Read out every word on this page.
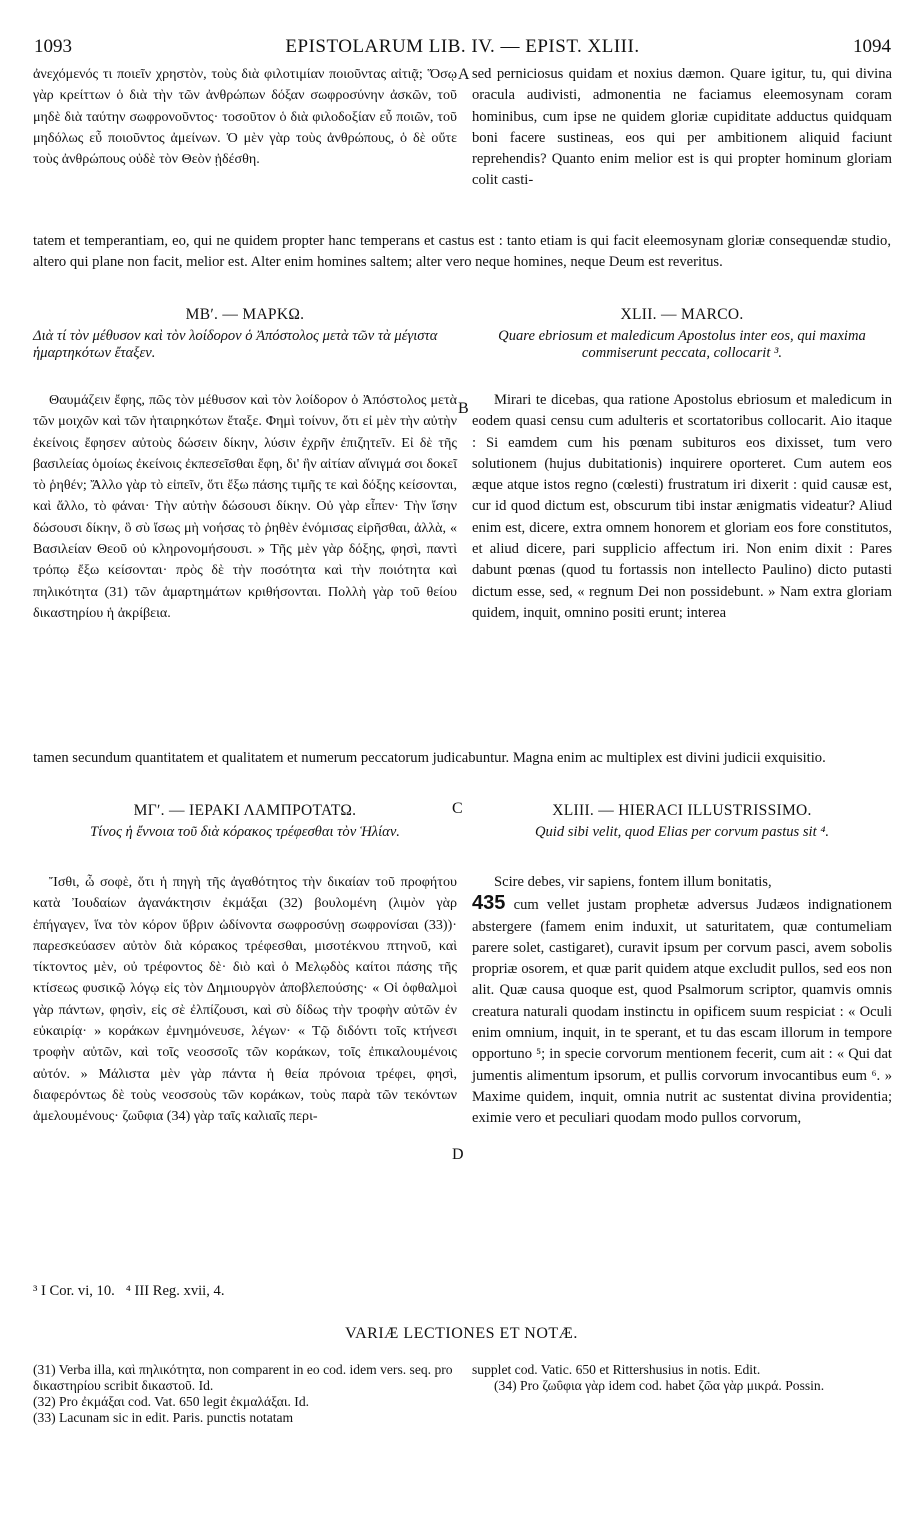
1093	EPISTOLARUM LIB. IV. — EPIST. XLIII.	1094

ἀνεχόμενός τι ποιεῖν χρηστὸν, τοὺς διὰ φιλοτιμίαν ποιοῦντας αἰτιᾷ; Ὅσῳ γὰρ κρείττων ὁ διὰ τὴν τῶν ἀνθρώπων δόξαν σωφροσύνην ἀσκῶν, τοῦ μηδὲ διὰ ταύτην σωφρονοῦντος· τοσοῦτον ὁ διὰ φιλοδοξίαν εὖ ποιῶν, τοῦ μηδόλως εὖ ποιοῦντος ἀμείνων. Ὁ μὲν γὰρ τοὺς ἀνθρώπους, ὁ δὲ οὔτε τοὺς ἀνθρώπους οὐδὲ τὸν Θεὸν ᾐδέσθη.

A sed perniciosus quidam et noxius dæmon. Quare igitur, tu, qui divina oracula audivisti, admonentia ne faciamus eleemosynam coram hominibus, cum ipse ne quidem gloriæ cupiditate adductus quidquam boni facere sustineas, eos qui per ambitionem aliquid faciunt reprehendis? Quanto enim melior est is qui propter hominum gloriam colit casti-

tatem et temperantiam, eo, qui ne quidem propter hanc temperans et castus est : tanto etiam is qui facit eleemosynam gloriæ consequendæ studio, altero qui plane non facit, melior est. Alter enim homines saltem; alter vero neque homines, neque Deum est reveritus.

ΜΒʹ. — ΜΑΡΚΩ.

Διὰ τί τὸν μέθυσον καὶ τὸν λοίδορον ὁ Ἀπόστολος μετὰ τῶν τὰ μέγιστα ἡμαρτηκότων ἔταξεν.

Θαυμάζειν ἔφης, πῶς τὸν μέθυσον καὶ τὸν λοίδορον ὁ Ἀπόστολος μετὰ τῶν μοιχῶν καὶ τῶν ἡταιρηκότων ἔταξε. Φημὶ τοίνυν, ὅτι εἰ μὲν τὴν αὐτὴν ἐκείνοις ἔφησεν αὐτοὺς δώσειν δίκην, λύσιν ἐχρῆν ἐπιζητεῖν. Εἰ δὲ τῆς βασιλείας ὁμοίως ἐκείνοις ἐκπεσεῖσθαι ἔφη, δι' ἣν αἰτίαν αἴνιγμά σοι δοκεῖ τὸ ῥηθέν; Ἄλλο γὰρ τὸ εἰπεῖν, ὅτι ἔξω πάσης τιμῆς τε καὶ δόξης κείσονται, καὶ ἄλλο, τὸ φάναι· Τὴν αὐτὴν δώσουσι δίκην. Οὐ γὰρ εἶπεν· Τὴν ἴσην δώσουσι δίκην, ὃ σὺ ἴσως μὴ νοήσας τὸ ῥηθὲν ἐνόμισας εἰρῆσθαι, ἀλλὰ, « Βασιλείαν Θεοῦ οὐ κληρονομήσουσι. » Τῆς μὲν γὰρ δόξης, φησὶ, παντὶ τρόπῳ ἔξω κείσονται· πρὸς δὲ τὴν ποσότητα καὶ τὴν ποιότητα καὶ πηλικότητα (31) τῶν ἁμαρτημάτων κριθήσονται. Πολλὴ γὰρ τοῦ θείου δικαστηρίου ἡ ἀκρίβεια.

B
XLII. — MARCO.

Quare ebriosum et maledicum Apostolus inter eos, qui maxima commiserunt peccata, collocarit ³.

Mirari te dicebas, qua ratione Apostolus ebriosum et maledicum in eodem quasi censu cum adulteris et scortatoribus collocarit. Aio itaque : Si eamdem cum his pœnam subituros eos dixisset, tum vero solutionem (hujus dubitationis) inquirere oporteret. Cum autem eos æque atque istos regno (cœlesti) frustratum iri dixerit : quid causæ est, cur id quod dictum est, obscurum tibi instar ænigmatis videatur? Aliud enim est, dicere, extra omnem honorem et gloriam eos fore constitutos, et aliud dicere, pari supplicio affectum iri. Non enim dixit : Pares dabunt pœnas (quod tu fortassis non intellecto Paulino) dicto putasti dictum esse, sed, « regnum Dei non possidebunt. » Nam extra gloriam quidem, inquit, omnino positi erunt; interea

tamen secundum quantitatem et qualitatem et numerum peccatorum judicabuntur. Magna enim ac multiplex est divini judicii exquisitio.

ΜΓʹ. — ΙΕΡΑΚΙ ΛΑΜΠΡΟΤΑΤΩ.

Τίνος ἡ ἔννοια τοῦ διὰ κόρακος τρέφεσθαι τὸν Ἡλίαν.

Ἴσθι, ὦ σοφὲ, ὅτι ἡ πηγὴ τῆς ἀγαθότητος τὴν δικαίαν τοῦ προφήτου κατὰ Ἰουδαίων ἀγανάκτησιν ἐκμάξαι (32) βουλομένη (λιμὸν γὰρ ἐπήγαγεν, ἵνα τὸν κόρον ὕβριν ὠδίνοντα σωφροσύνῃ σωφρονίσαι (33))· παρεσκεύασεν αὐτὸν διὰ κόρακος τρέφεσθαι, μισοτέκνου πτηνοῦ, καὶ τίκτοντος μὲν, οὐ τρέφοντος δὲ· διὸ καὶ ὁ Μελῳδὸς καίτοι πάσης τῆς κτίσεως φυσικῷ λόγῳ εἰς τὸν Δημιουργὸν ἀποβλεπούσης· « Οἱ ὀφθαλμοὶ γὰρ πάντων, φησὶν, εἰς σὲ ἐλπίζουσι, καὶ σὺ δίδως τὴν τροφὴν αὐτῶν ἐν εὐκαιρίᾳ· » κοράκων ἐμνημόνευσε, λέγων· « Τῷ διδόντι τοῖς κτήνεσι τροφὴν αὐτῶν, καὶ τοῖς νεοσσοῖς τῶν κοράκων, τοῖς ἐπικαλουμένοις αὐτόν. » Μάλιστα μὲν γὰρ πάντα ἡ θεία πρόνοια τρέφει, φησὶ, διαφερόντως δὲ τοὺς νεοσσοὺς τῶν κοράκων, τοὺς παρὰ τῶν τεκόντων ἀμελουμένους· ζωΰφια (34) γὰρ ταῖς καλιαῖς περι-

C
D
XLIII. — HIERACI ILLUSTRISSIMO.

Quid sibi velit, quod Elias per corvum pastus sit ⁴.

Scire debes, vir sapiens, fontem illum bonitatis,

435 cum vellet justam prophetæ adversus Judæos indignationem abstergere (famem enim induxit, ut saturitatem, quæ contumeliam parere solet, castigaret), curavit ipsum per corvum pasci, avem sobolis propriæ osorem, et quæ parit quidem atque excludit pullos, sed eos non alit. Quæ causa quoque est, quod Psalmorum scriptor, quamvis omnis creatura naturali quodam instinctu in opificem suum respiciat : « Oculi enim omnium, inquit, in te sperant, et tu das escam illorum in tempore opportuno ⁵; in specie corvorum mentionem fecerit, cum ait : « Qui dat jumentis alimentum ipsorum, et pullis corvorum invocantibus eum ⁶. » Maxime quidem, inquit, omnia nutrit ac sustentat divina providentia; eximie vero et peculiari quodam modo pullos corvorum,

³ I Cor. vi, 10.   ⁴ III Reg. xvii, 4.

VARIÆ LECTIONES ET NOTÆ.

(31) Verba illa, καὶ πηλικότητα, non comparent in eo cod. idem vers. seq. pro δικαστηρίου scribit δικαστοῦ. Id.

(32) Pro ἐκμάξαι cod. Vat. 650 legit ἐκμαλάξαι. Id.

(33) Lacunam sic in edit. Paris. punctis notatam

supplet cod. Vatic. 650 et Rittershusius in notis. Edit.

(34) Pro ζωΰφια γὰρ idem cod. habet ζῶα γὰρ μικρά. Possin.
